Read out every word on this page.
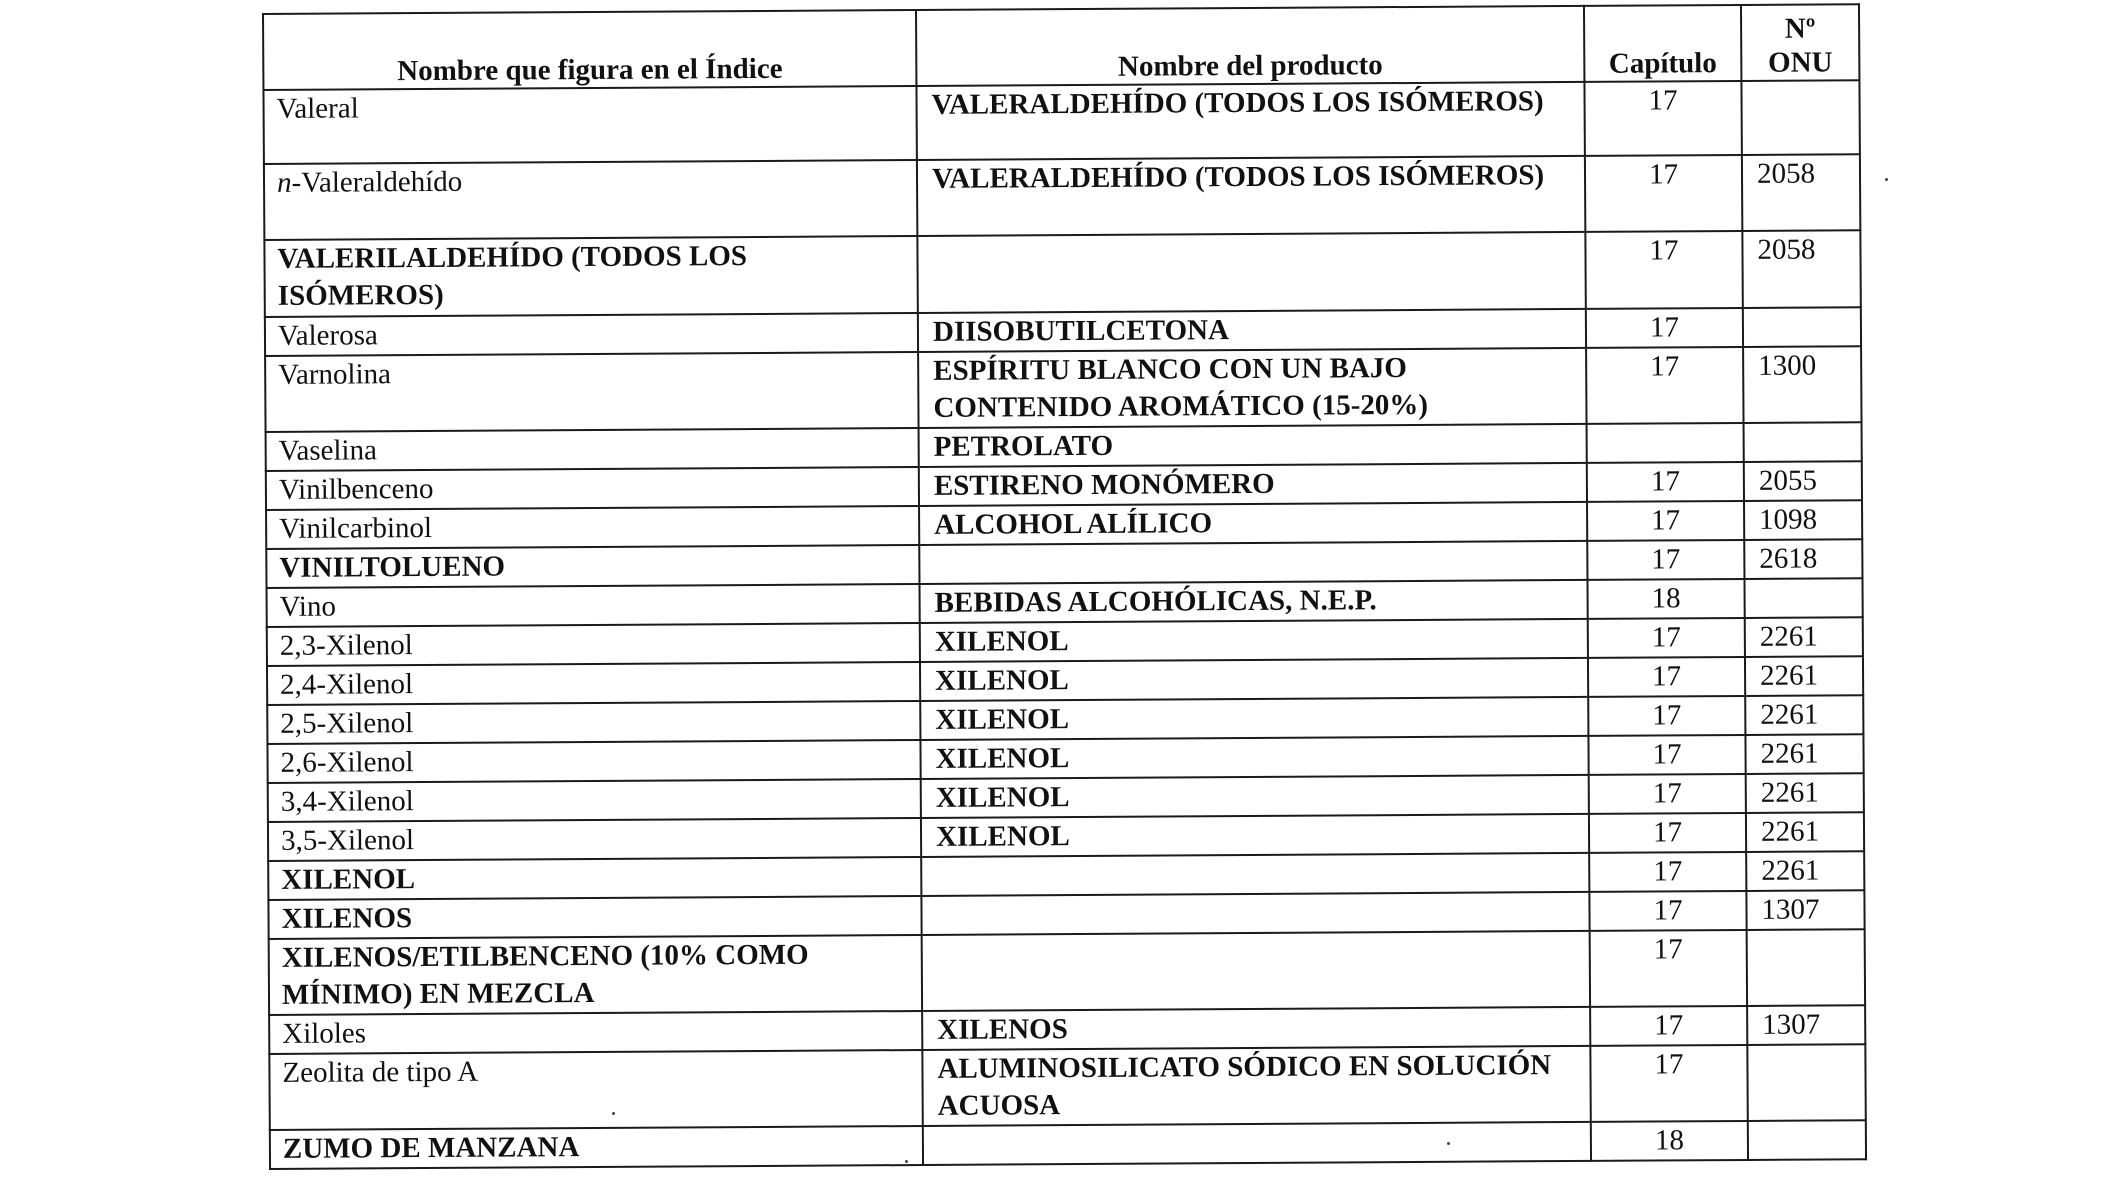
Nombre que figura en el Índice	Nombre del producto	Capítulo	Nº
ONU
Valeral	VALERALDEHÍDO (TODOS LOS ISÓMEROS)	17	
n-Valeraldehído	VALERALDEHÍDO (TODOS LOS ISÓMEROS)	17	2058
VALERILALDEHÍDO (TODOS LOS ISÓMEROS)		17	2058
Valerosa	DIISOBUTILCETONA	17	
Varnolina	ESPÍRITU BLANCO CON UN BAJO CONTENIDO AROMÁTICO (15-20%)	17	1300
Vaselina	PETROLATO		
Vinilbenceno	ESTIRENO MONÓMERO	17	2055
Vinilcarbinol	ALCOHOL ALÍLICO	17	1098
VINILTOLUENO		17	2618
Vino	BEBIDAS ALCOHÓLICAS, N.E.P.	18	
2,3-Xilenol	XILENOL	17	2261
2,4-Xilenol	XILENOL	17	2261
2,5-Xilenol	XILENOL	17	2261
2,6-Xilenol	XILENOL	17	2261
3,4-Xilenol	XILENOL	17	2261
3,5-Xilenol	XILENOL	17	2261
XILENOL		17	2261
XILENOS		17	1307
XILENOS/ETILBENCENO (10% COMO MÍNIMO) EN MEZCLA		17	
Xiloles	XILENOS	17	1307
Zeolita de tipo A	ALUMINOSILICATO SÓDICO EN SOLUCIÓN ACUOSA	17	
ZUMO DE MANZANA		18	
